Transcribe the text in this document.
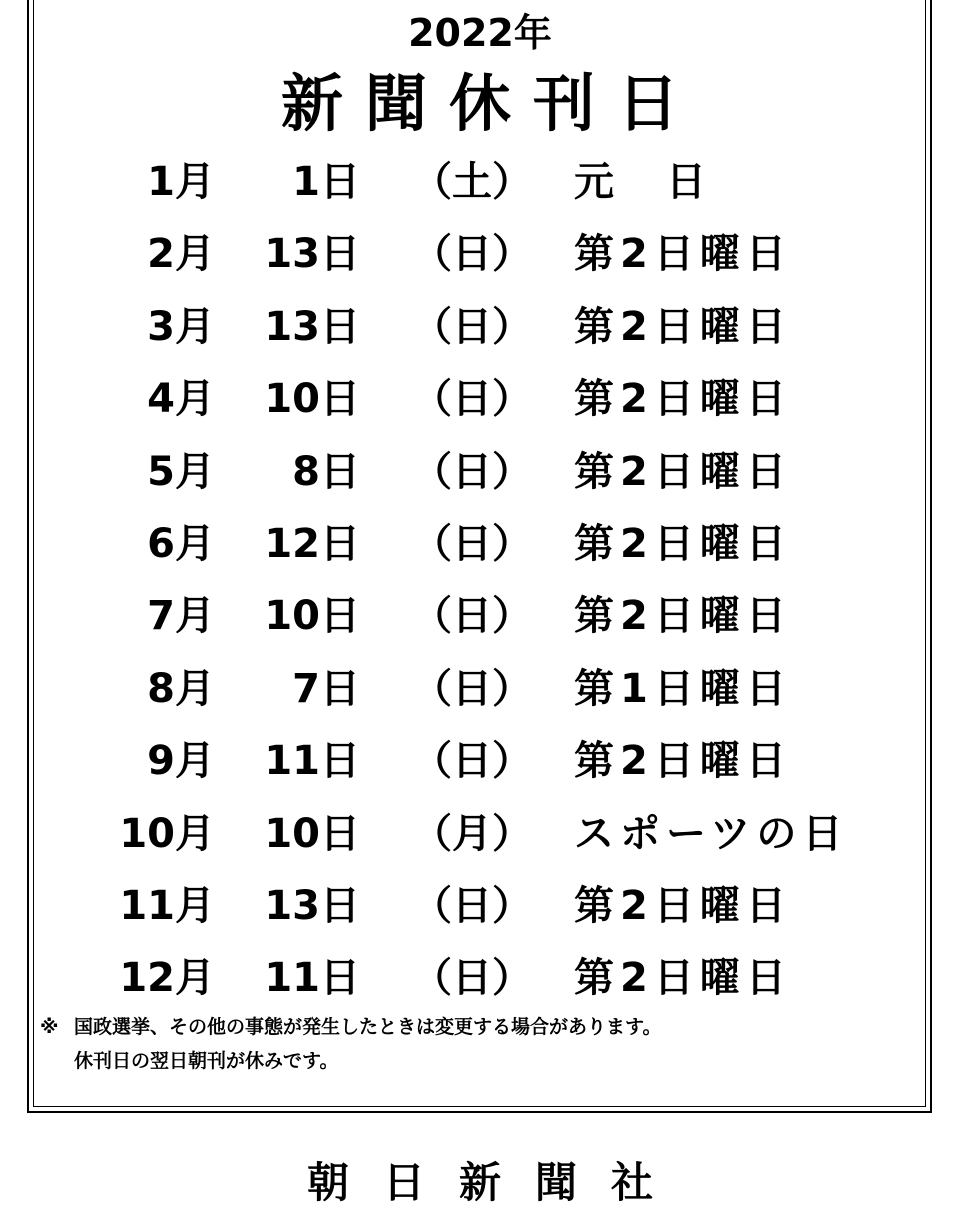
2022年
新聞休刊日
1月 1日 （土） 元　日
2月 13日 （日） 第2日曜日
3月 13日 （日） 第2日曜日
4月 10日 （日） 第2日曜日
5月 8日 （日） 第2日曜日
6月 12日 （日） 第2日曜日
7月 10日 （日） 第2日曜日
8月 7日 （日） 第1日曜日
9月 11日 （日） 第2日曜日
10月 10日 （月） スポーツの日
11月 13日 （日） 第2日曜日
12月 11日 （日） 第2日曜日
※ 国政選挙、その他の事態が発生したときは変更する場合があります。
休刊日の翌日朝刊が休みです。
朝日新聞社
